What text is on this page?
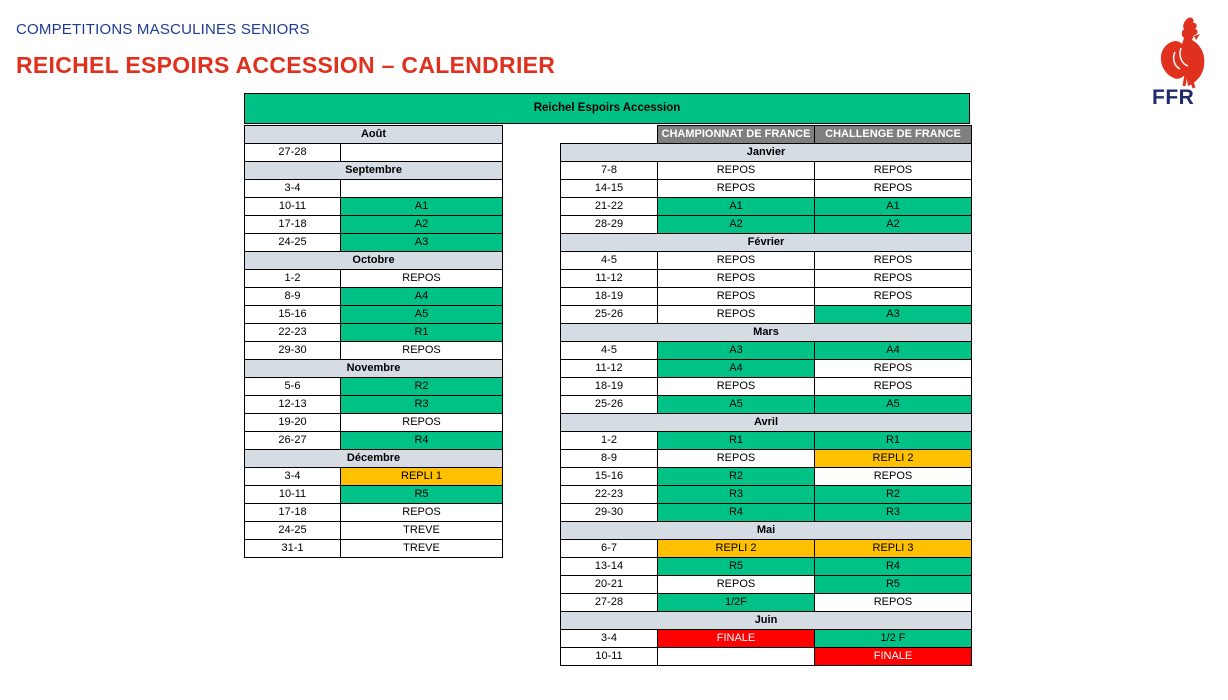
COMPETITIONS MASCULINES SENIORS
REICHEL ESPOIRS ACCESSION – CALENDRIER
FFR
Reichel Espoirs Accession
Août	
27-28	
Septembre	
3-4	
10-11	A1
17-18	A2
24-25	A3
Octobre	
1-2	REPOS
8-9	A4
15-16	A5
22-23	R1
29-30	REPOS
Novembre	
5-6	R2
12-13	R3
19-20	REPOS
26-27	R4
Décembre	
3-4	REPLI 1
10-11	R5
17-18	REPOS
24-25	TREVE
31-1	TREVE
	CHAMPIONNAT DE FRANCE	CHALLENGE DE FRANCE
Janvier		
7-8	REPOS	REPOS
14-15	REPOS	REPOS
21-22	A1	A1
28-29	A2	A2
Février		
4-5	REPOS	REPOS
11-12	REPOS	REPOS
18-19	REPOS	REPOS
25-26	REPOS	A3
Mars		
4-5	A3	A4
11-12	A4	REPOS
18-19	REPOS	REPOS
25-26	A5	A5
Avril		
1-2	R1	R1
8-9	REPOS	REPLI 2
15-16	R2	REPOS
22-23	R3	R2
29-30	R4	R3
Mai		
6-7	REPLI 2	REPLI 3
13-14	R5	R4
20-21	REPOS	R5
27-28	1/2F	REPOS
Juin		
3-4	FINALE	1/2 F
10-11		FINALE
